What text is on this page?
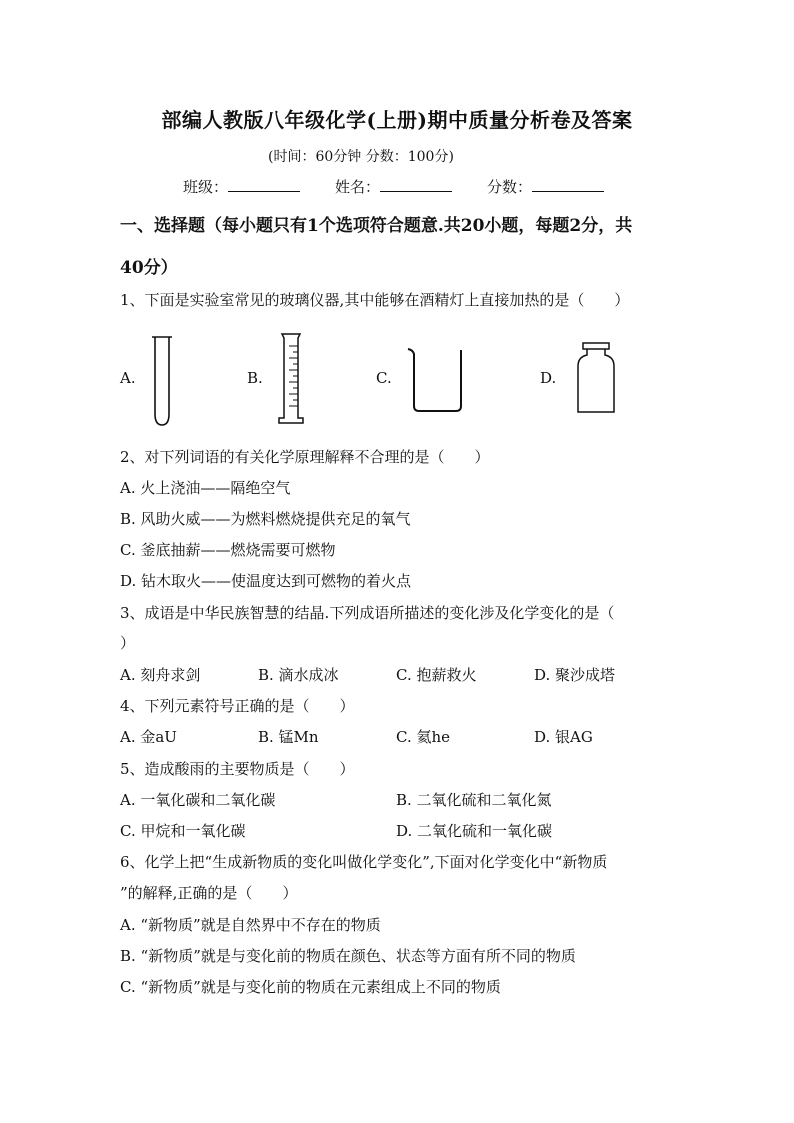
部编人教版八年级化学(上册)期中质量分析卷及答案
(时间：60分钟 分数：100分)
班级：	姓名：	分数：
一、选择题（每小题只有1个选项符合题意.共20小题，每题2分，共
40分）
1、下面是实验室常见的玻璃仪器,其中能够在酒精灯上直接加热的是（　　）
A.	B.	C.	D.
2、对下列词语的有关化学原理解释不合理的是（　　）
A. 火上浇油——隔绝空气
B. 风助火威——为燃料燃烧提供充足的氧气
C. 釜底抽薪——燃烧需要可燃物
D. 钻木取火——使温度达到可燃物的着火点
3、成语是中华民族智慧的结晶.下列成语所描述的变化涉及化学变化的是（
）
A. 刻舟求剑	B. 滴水成冰	C. 抱薪救火	D. 聚沙成塔
4、下列元素符号正确的是（　　）
A. 金aU	B. 锰Mn	C. 氦he	D. 银AG
5、造成酸雨的主要物质是（　　）
A. 一氧化碳和二氧化碳	B. 二氧化硫和二氧化氮
C. 甲烷和一氧化碳	D. 二氧化硫和一氧化碳
6、化学上把“生成新物质的变化叫做化学变化”,下面对化学变化中“新物质
”的解释,正确的是（　　）
A. “新物质”就是自然界中不存在的物质
B. “新物质”就是与变化前的物质在颜色、状态等方面有所不同的物质
C. “新物质”就是与变化前的物质在元素组成上不同的物质
